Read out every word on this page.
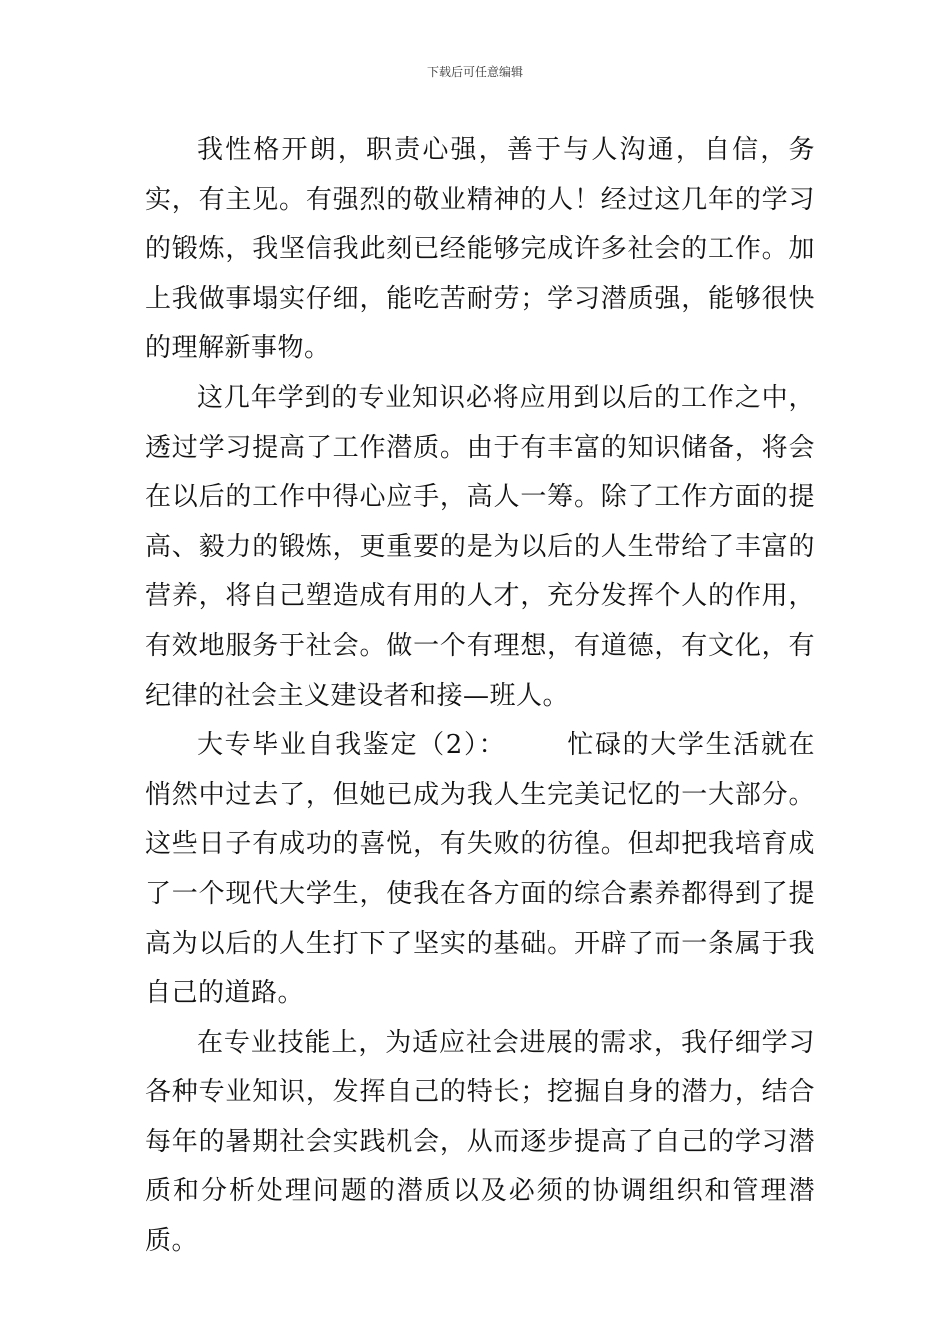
下载后可任意编辑

我性格开朗，职责心强，善于与人沟通，自信，务实，有主见。有强烈的敬业精神的人！经过这几年的学习的锻炼，我坚信我此刻已经能够完成许多社会的工作。加上我做事塌实仔细，能吃苦耐劳；学习潜质强，能够很快的理解新事物。

这几年学到的专业知识必将应用到以后的工作之中，透过学习提高了工作潜质。由于有丰富的知识储备，将会在以后的工作中得心应手，高人一筹。除了工作方面的提高、毅力的锻炼，更重要的是为以后的人生带给了丰富的营养，将自己塑造成有用的人才，充分发挥个人的作用，有效地服务于社会。做一个有理想，有道德，有文化，有纪律的社会主义建设者和接—班人。

大专毕业自我鉴定（2）： 忙碌的大学生活就在悄然中过去了，但她已成为我人生完美记忆的一大部分。这些日子有成功的喜悦，有失败的彷徨。但却把我培育成了一个现代大学生，使我在各方面的综合素养都得到了提高为以后的人生打下了坚实的基础。开辟了而一条属于我自己的道路。

在专业技能上，为适应社会进展的需求，我仔细学习各种专业知识，发挥自己的特长；挖掘自身的潜力，结合每年的暑期社会实践机会，从而逐步提高了自己的学习潜质和分析处理问题的潜质以及必须的协调组织和管理潜质。
